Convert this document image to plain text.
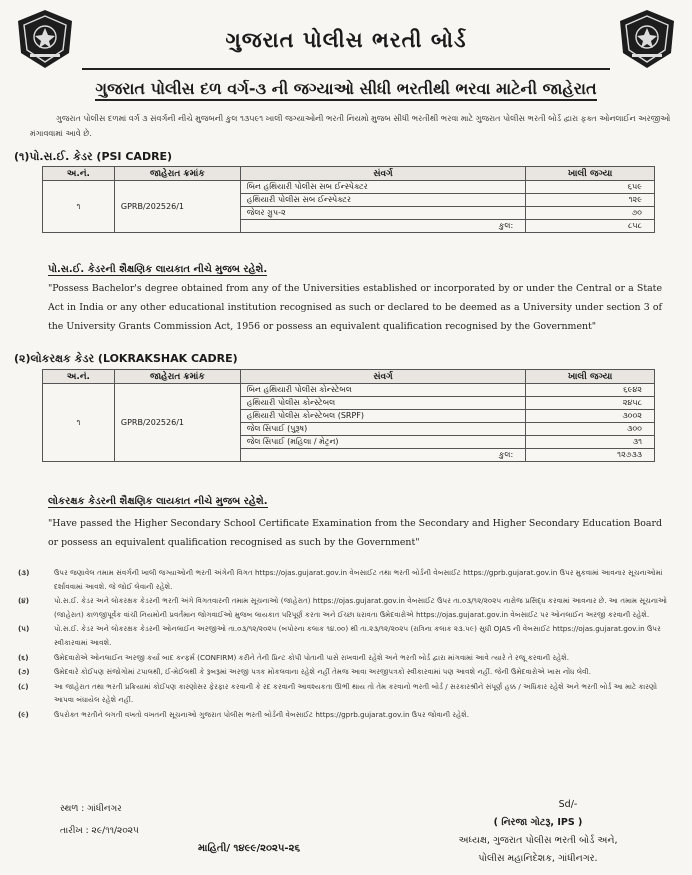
ગુજરાત પોલીસ ભરતી બોર્ડ
ગુજરાત પોલીસ દળ વર્ગ-૩ ની જગ્યાઓ સીધી ભરતીથી ભરવા માટેની જાહેરાત
ગુજરાત પોલીસ દળમાં વર્ગ ૩ સંવર્ગની નીચે મુજબની કુલ ૧૩૫૯૧ ખાલી જગ્યાઓની ભરતી નિયમો મુજબ સીધી ભરતીથી ભરવા માટે ગુજરાત પોલીસ ભરતી બોર્ડ દ્વારા ફક્ત ઓનલાઈન અરજીઓ મંગાવવામાં આવે છે.
(૧)પો.સ.ઈ. કેડર (PSI CADRE)
અ.નં.	જાહેરાત ક્રમાંક	સંવર્ગ	ખાલી જગ્યા
૧	GPRB/202526/1	બિન હથિયારી પોલીસ સબ ઈન્સ્પેક્ટર	૬૫૯
		હથિયારી પોલીસ સબ ઈન્સ્પેક્ટર	૧૨૯
		જેલર ગ્રુપ-૨	૭૦
		કુલ:	૮૫૮
પો.સ.ઈ. કેડરની શૈક્ષણિક લાયકાત નીચે મુજબ રહેશે.
"Possess Bachelor's degree obtained from any of the Universities established or incorporated by or under the Central or a State Act in India or any other educational institution recognised as such or declared to be deemed as a University under section 3 of the University Grants Commission Act, 1956 or possess an equivalent qualification recognised by the Government"
(૨)લોકરક્ષક કેડર (LOKRAKSHAK CADRE)
અ.નં.	જાહેરાત ક્રમાંક	સંવર્ગ	ખાલી જગ્યા
૧	GPRB/202526/1	બિન હથિયારી પોલીસ કોન્સ્ટેબલ	૬૯૪૨
		હથિયારી પોલીસ કોન્સ્ટેબલ	૨૪૫૮
		હથિયારી પોલીસ કોન્સ્ટેબલ (SRPF)	૩૦૦૨
		જેલ સિપાઈ (પુરૂષ)	૩૦૦
		જેલ સિપાઈ (મહિલા / મેટ્રન)	૩૧
		કુલ:	૧૨૭૩૩
લોકરક્ષક કેડરની શૈક્ષણિક લાયકાત નીચે મુજબ રહેશે.
"Have passed the Higher Secondary School Certificate Examination from the Secondary and Higher Secondary Education Board or possess an equivalent qualification recognised as such by the Government"
(૩)	ઉપર જણાવેલ તમામ સંવર્ગની ખાલી જગ્યાઓની ભરતી અંગેની વિગત https://ojas.gujarat.gov.in વેબસાઈટ તથા ભરતી બોર્ડની વેબસાઈટ https://gprb.gujarat.gov.in ઉપર મુકવામાં આવનાર સૂચનાઓમાં દર્શાવવામાં આવશે. જે જોઈ લેવાની રહેશે.
(૪)	પો.સ.ઈ. કેડર અને લોકરક્ષક કેડરની ભરતી અંગે વિગતવારની તમામ સૂચનાઓ (જાહેરાત) https://ojas.gujarat.gov.in વેબસાઈટ ઉપર તા.૦૩/૧૨/૨૦૨૫ નારોજ પ્રસિદ્ધ કરવામાં આવનાર છે. આ તમામ સૂચનાઓ (જાહેરાત) કાળજીપૂર્વક વાંચી નિયમોની પ્રવર્તમાન જોગવાઈઓ મુજબ લાયકાત પરિપૂર્ણ કરતા અને ઈચ્છા ધરાવતા ઉમેદવારોએ https://ojas.gujarat.gov.in વેબસાઈટ પર ઓનલાઈન અરજી કરવાની રહેશે.
(૫)	પો.સ.ઈ. કેડર અને લોકરક્ષક કેડરની ઓનલાઈન અરજીઓ તા.૦૩/૧૨/૨૦૨૫ (બપોરના કલાક ૧૪.૦૦) થી તા.૨૩/૧૨/૨૦૨૫ (રાત્રિના કલાક ૨૩.૫૯) સુધી OJAS ની વેબસાઈટ https://ojas.gujarat.gov.in ઉપર સ્વીકારવામાં આવશે.
(૬)	ઉમેદવારોએ ઓનલાઈન અરજી કર્યા બાદ કન્ફર્મ (CONFIRM) કરીને તેની પ્રિન્ટ કોપી પોતાની પાસે રાખવાની રહેશે અને ભરતી બોર્ડ દ્વારા માંગવામાં આવે ત્યારે તે રજૂ કરવાની રહેશે.
(૭)	ઉમેદવારે કોઈપણ સંજોગોમાં ટપાલથી, ઈ-મેઈલથી કે રૂબરૂમાં અરજી પત્રક મોકલવાના રહેશે નહીં તેમજ આવા અરજીપત્રકો સ્વીકારવામાં પણ આવશે નહીં. જેની ઉમેદવારોએ ખાસ નોંધ લેવી.
(૮)	આ જાહેરાત તથા ભરતી પ્રક્રિયામાં કોઈપણ કારણોસર ફેરફાર કરવાની કે રદ કરવાની આવશ્યકતા ઊભી થાય તો તેમ કરવાનો ભરતી બોર્ડ / સરકારશ્રીને સંપૂર્ણ હક્ક / અધિકાર રહેશે અને ભરતી બોર્ડ આ માટે કારણો આપવા બંધાયેલ રહેશે નહીં.
(૯)	ઉપરોક્ત ભરતીને લગતી વખતો વખતની સૂચનાઓ ગુજરાત પોલીસ ભરતી બોર્ડની વેબસાઈટ https://gprb.gujarat.gov.in ઉપર જોવાની રહેશે.
સ્થળ : ગાંધીનગર
તારીખ : ૨૯/૧૧/૨૦૨૫
માહિતી/ ૧૪૯૯/૨૦૨૫-૨૬
Sd/-
( નિરજા ગોટરૂ, IPS )
અધ્યક્ષ, ગુજરાત પોલીસ ભરતી બોર્ડ અને,
પોલીસ મહાનિદેશક, ગાંધીનગર.
